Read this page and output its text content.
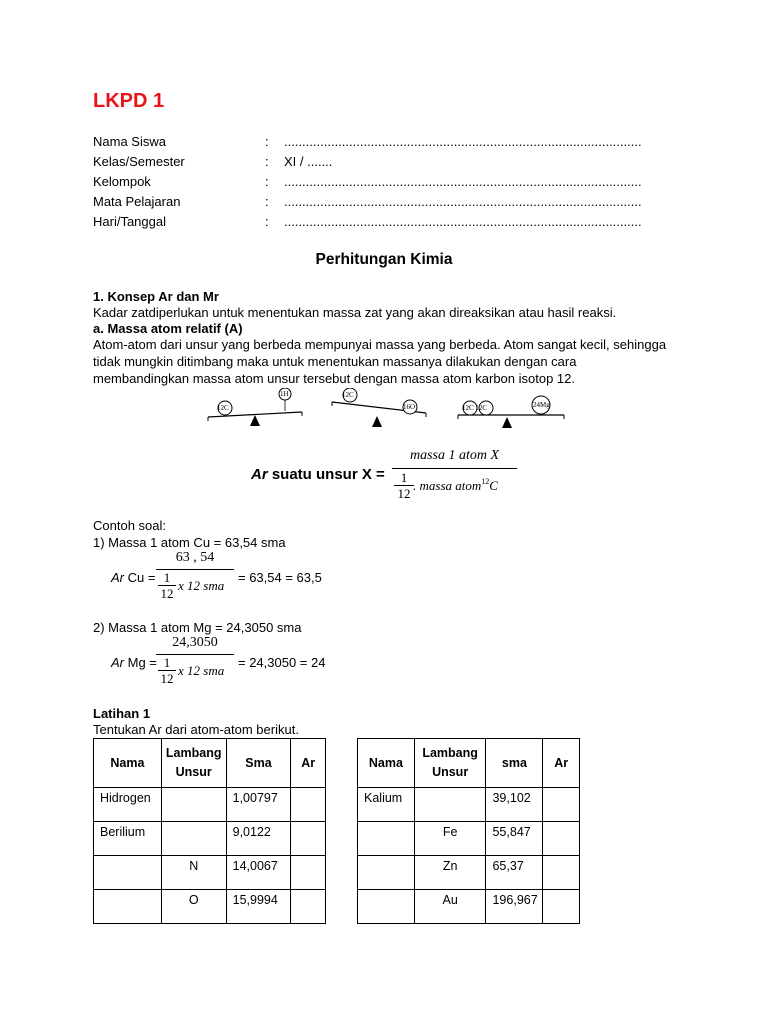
LKPD 1
Nama Siswa	: ...................................................................................................
Kelas/Semester	: XI / .......
Kelompok	: ...................................................................................................
Mata Pelajaran	: ...................................................................................................
Hari/Tanggal	: ...................................................................................................
Perhitungan Kimia
1. Konsep Ar dan Mr
Kadar zatdiperlukan untuk menentukan massa zat yang akan direaksikan atau hasil reaksi.
a. Massa atom relatif (A)
Atom-atom dari unsur yang berbeda mempunyai massa yang berbeda. Atom sangat kecil, sehingga
tidak mungkin ditimbang maka untuk menentukan massanya dilakukan dengan cara
membandingkan massa atom unsur tersebut dengan massa atom karbon isotop 12.
12C
1H	12C
16O	12C 12C	24Mg
Ar suatu unsur X =
massa 1 atom X
1
12
. massa atom$^{12}$C
Contoh soal:
1) Massa 1 atom Cu = 63,54 sma
Ar Cu =
63 , 54
1
12
x 12 sma
= 63,54 = 63,5
2) Massa 1 atom Mg = 24,3050 sma
Ar Mg =
24,3050
1
12
x 12 sma
= 24,3050 = 24
Latihan 1
Tentukan Ar dari atom-atom berikut.
Nama	Lambang Unsur	Sma	Ar
Hidrogen		1,00797	
Berilium		9,0122	
	N	14,0067	
	O	15,9994	
Nama	Lambang Unsur	sma	Ar
Kalium		39,102	
	Fe	55,847	
	Zn	65,37	
	Au	196,967	
